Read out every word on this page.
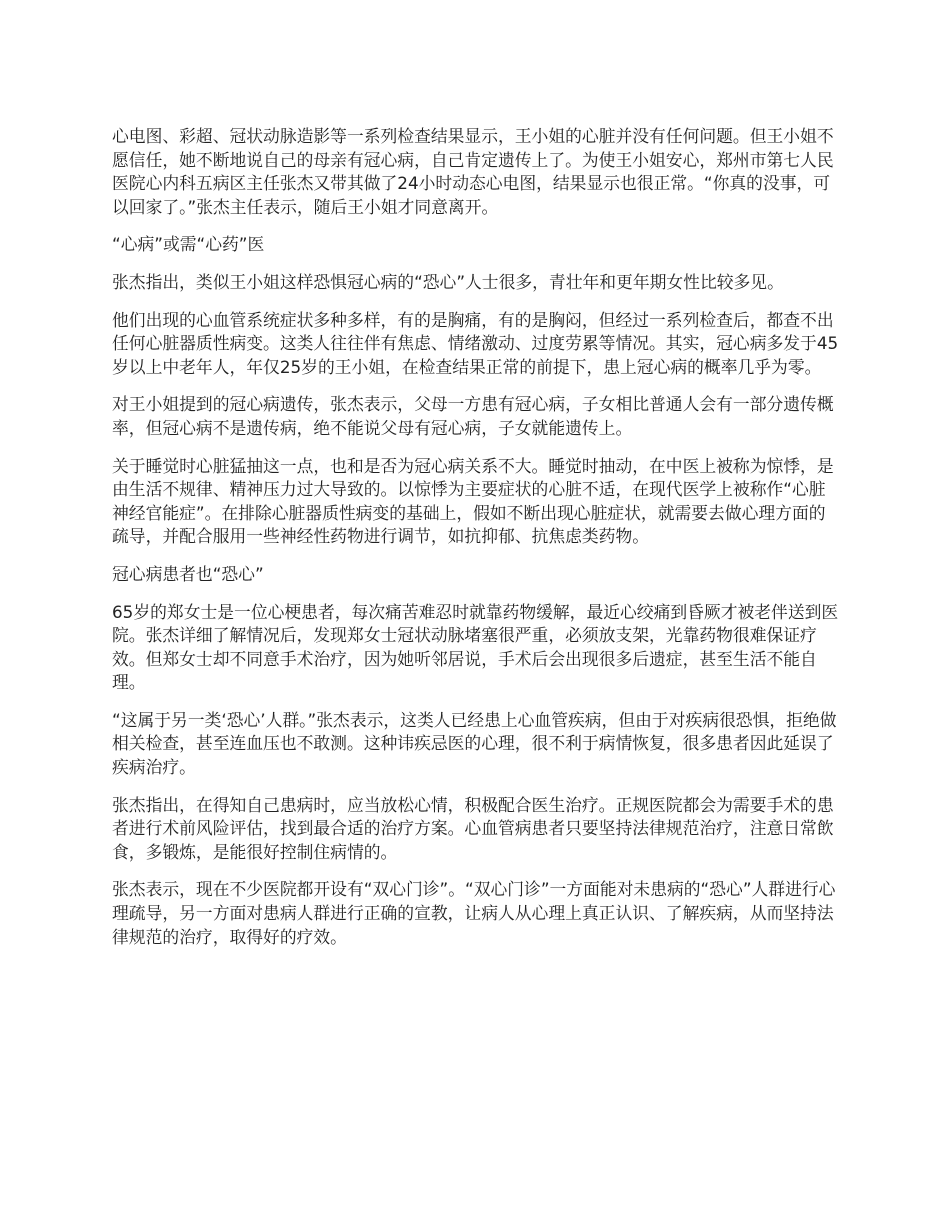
心电图、彩超、冠状动脉造影等一系列检查结果显示，王小姐的心脏并没有任何问题。但王小姐不愿信任，她不断地说自己的母亲有冠心病，自己肯定遗传上了。为使王小姐安心，郑州市第七人民医院心内科五病区主任张杰又带其做了24小时动态心电图，结果显示也很正常。“你真的没事，可以回家了。”张杰主任表示，随后王小姐才同意离开。

“心病”或需“心药”医

张杰指出，类似王小姐这样恐惧冠心病的“恐心”人士很多，青壮年和更年期女性比较多见。

他们出现的心血管系统症状多种多样，有的是胸痛，有的是胸闷，但经过一系列检查后，都查不出任何心脏器质性病变。这类人往往伴有焦虑、情绪激动、过度劳累等情况。其实，冠心病多发于45岁以上中老年人，年仅25岁的王小姐，在检查结果正常的前提下，患上冠心病的概率几乎为零。

对王小姐提到的冠心病遗传，张杰表示，父母一方患有冠心病，子女相比普通人会有一部分遗传概率，但冠心病不是遗传病，绝不能说父母有冠心病，子女就能遗传上。

关于睡觉时心脏猛抽这一点，也和是否为冠心病关系不大。睡觉时抽动，在中医上被称为惊悸，是由生活不规律、精神压力过大导致的。以惊悸为主要症状的心脏不适，在现代医学上被称作“心脏神经官能症”。在排除心脏器质性病变的基础上，假如不断出现心脏症状，就需要去做心理方面的疏导，并配合服用一些神经性药物进行调节，如抗抑郁、抗焦虑类药物。

冠心病患者也“恐心”

65岁的郑女士是一位心梗患者，每次痛苦难忍时就靠药物缓解，最近心绞痛到昏厥才被老伴送到医院。张杰详细了解情况后，发现郑女士冠状动脉堵塞很严重，必须放支架，光靠药物很难保证疗效。但郑女士却不同意手术治疗，因为她听邻居说，手术后会出现很多后遗症，甚至生活不能自理。

“这属于另一类‘恐心’人群。”张杰表示，这类人已经患上心血管疾病，但由于对疾病很恐惧，拒绝做相关检查，甚至连血压也不敢测。这种讳疾忌医的心理，很不利于病情恢复，很多患者因此延误了疾病治疗。

张杰指出，在得知自己患病时，应当放松心情，积极配合医生治疗。正规医院都会为需要手术的患者进行术前风险评估，找到最合适的治疗方案。心血管病患者只要坚持法律规范治疗，注意日常飲食，多锻炼，是能很好控制住病情的。

张杰表示，现在不少医院都开设有“双心门诊”。“双心门诊”一方面能对未患病的“恐心”人群进行心理疏导，另一方面对患病人群进行正确的宣教，让病人从心理上真正认识、了解疾病，从而坚持法律规范的治疗，取得好的疗效。
